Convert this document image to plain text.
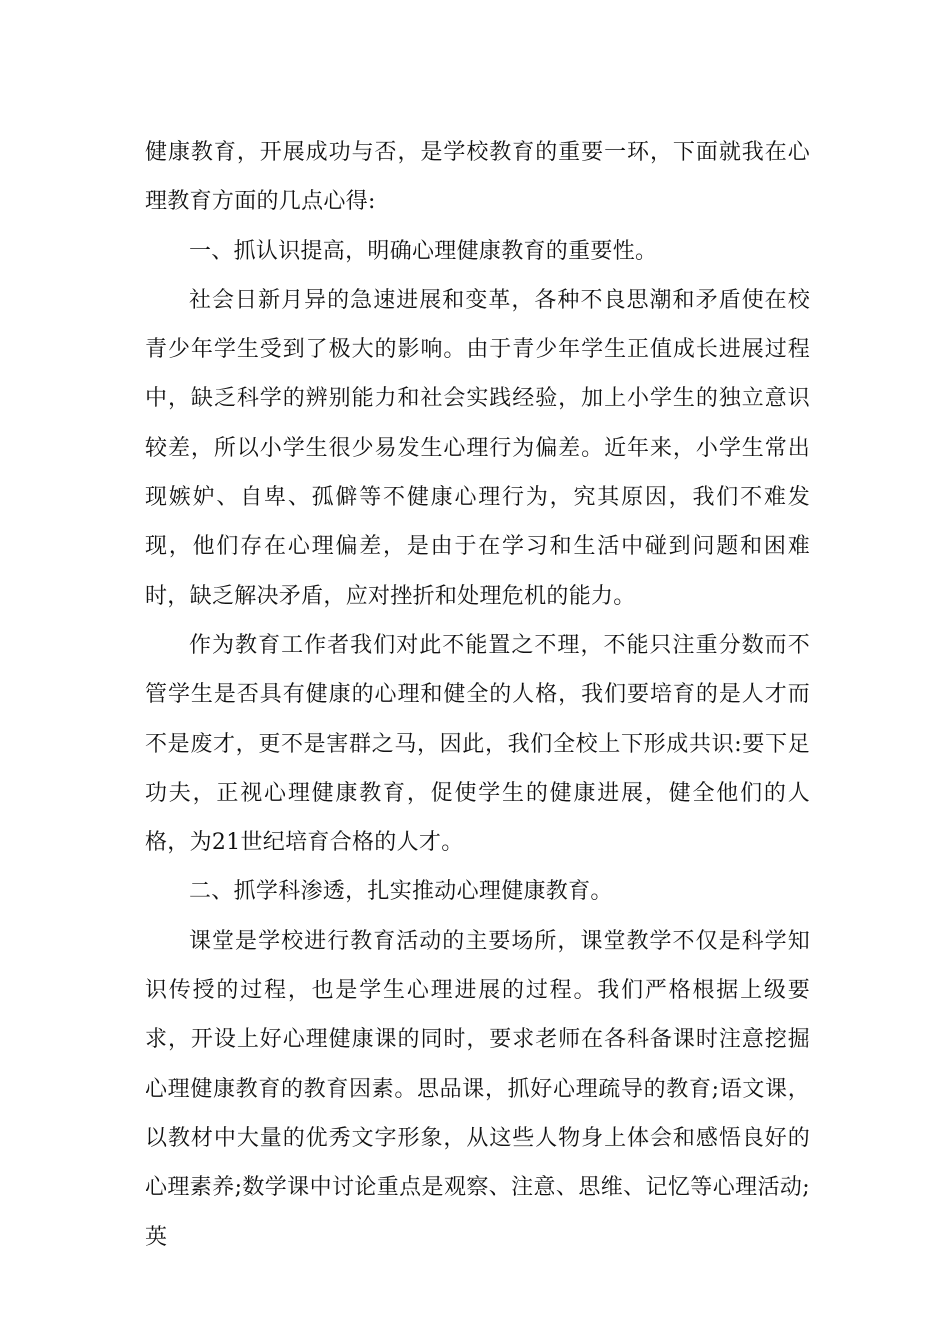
健康教育，开展成功与否，是学校教育的重要一环，下面就我在心理教育方面的几点心得:

一、抓认识提高，明确心理健康教育的重要性。

社会日新月异的急速进展和变革，各种不良思潮和矛盾使在校青少年学生受到了极大的影响。由于青少年学生正值成长进展过程中，缺乏科学的辨别能力和社会实践经验，加上小学生的独立意识较差，所以小学生很少易发生心理行为偏差。近年来，小学生常出现嫉妒、自卑、孤僻等不健康心理行为，究其原因，我们不难发现，他们存在心理偏差，是由于在学习和生活中碰到问题和困难时，缺乏解决矛盾，应对挫折和处理危机的能力。

作为教育工作者我们对此不能置之不理，不能只注重分数而不管学生是否具有健康的心理和健全的人格，我们要培育的是人才而不是废才，更不是害群之马，因此，我们全校上下形成共识:要下足功夫，正视心理健康教育，促使学生的健康进展，健全他们的人格，为21世纪培育合格的人才。

二、抓学科渗透，扎实推动心理健康教育。

课堂是学校进行教育活动的主要场所，课堂教学不仅是科学知识传授的过程，也是学生心理进展的过程。我们严格根据上级要求，开设上好心理健康课的同时，要求老师在各科备课时注意挖掘心理健康教育的教育因素。思品课，抓好心理疏导的教育;语文课，以教材中大量的优秀文字形象，从这些人物身上体会和感悟良好的心理素养;数学课中讨论重点是观察、注意、思维、记忆等心理活动;英
